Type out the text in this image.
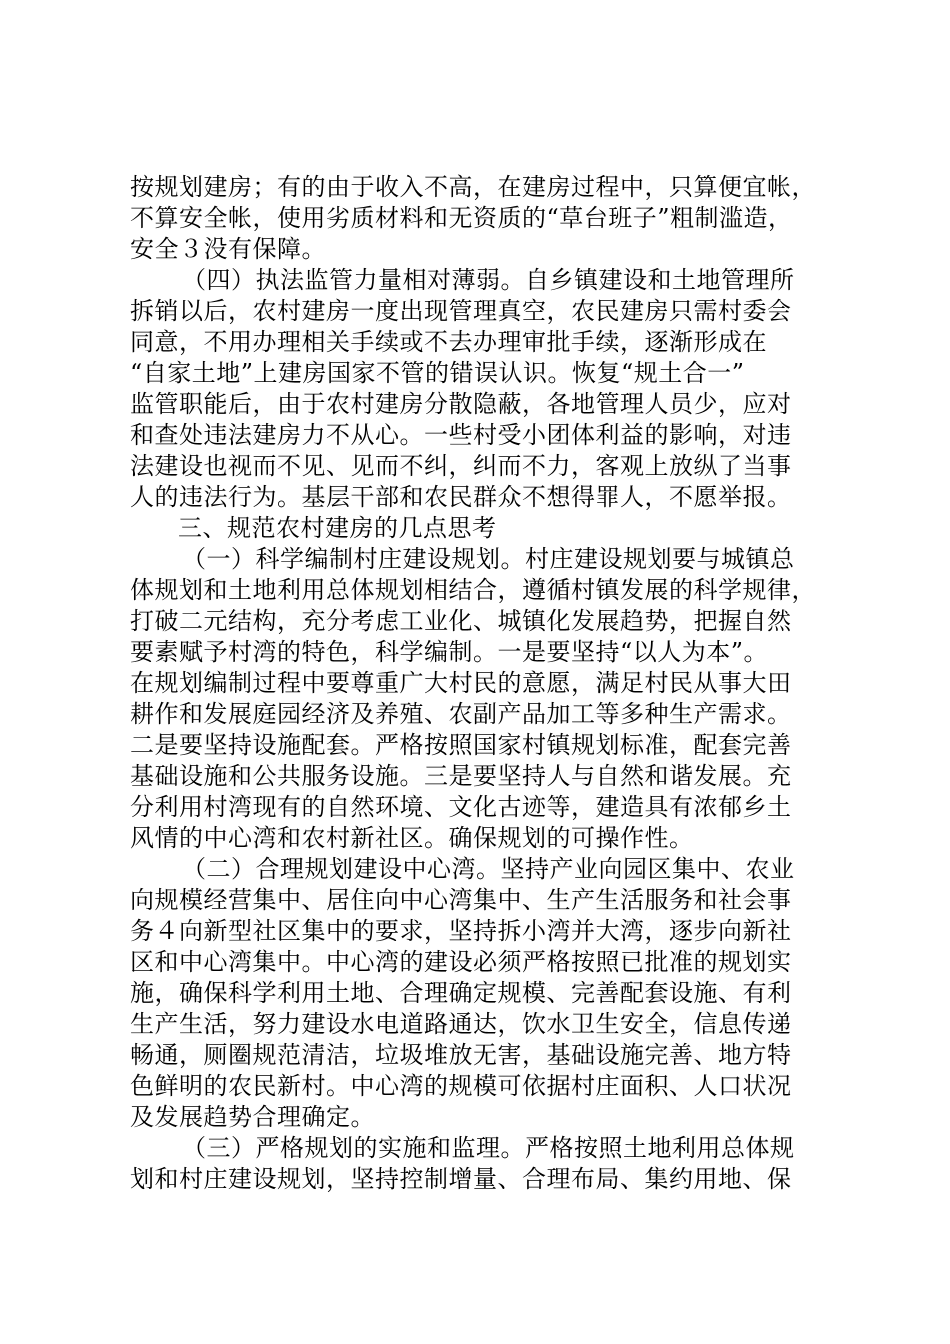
按规划建房；有的由于收入不高，在建房过程中，只算便宜帐，
不算安全帐，使用劣质材料和无资质的“草台班子”粗制滥造，
安全３没有保障。
（四）执法监管力量相对薄弱。自乡镇建设和土地管理所
拆销以后，农村建房一度出现管理真空，农民建房只需村委会
同意，不用办理相关手续或不去办理审批手续，逐渐形成在
“自家土地”上建房国家不管的错误认识。恢复“规土合一”
监管职能后，由于农村建房分散隐蔽，各地管理人员少，应对
和查处违法建房力不从心。一些村受小团体利益的影响，对违
法建设也视而不见、见而不纠，纠而不力，客观上放纵了当事
人的违法行为。基层干部和农民群众不想得罪人，不愿举报。
三、规范农村建房的几点思考
（一）科学编制村庄建设规划。村庄建设规划要与城镇总
体规划和土地利用总体规划相结合，遵循村镇发展的科学规律，
打破二元结构，充分考虑工业化、城镇化发展趋势，把握自然
要素赋予村湾的特色，科学编制。一是要坚持“以人为本”。
在规划编制过程中要尊重广大村民的意愿，满足村民从事大田
耕作和发展庭园经济及养殖、农副产品加工等多种生产需求。
二是要坚持设施配套。严格按照国家村镇规划标准，配套完善
基础设施和公共服务设施。三是要坚持人与自然和谐发展。充
分利用村湾现有的自然环境、文化古迹等，建造具有浓郁乡土
风情的中心湾和农村新社区。确保规划的可操作性。
（二）合理规划建设中心湾。坚持产业向园区集中、农业
向规模经营集中、居住向中心湾集中、生产生活服务和社会事
务４向新型社区集中的要求，坚持拆小湾并大湾，逐步向新社
区和中心湾集中。中心湾的建设必须严格按照已批准的规划实
施，确保科学利用土地、合理确定规模、完善配套设施、有利
生产生活，努力建设水电道路通达，饮水卫生安全，信息传递
畅通，厕圈规范清洁，垃圾堆放无害，基础设施完善、地方特
色鲜明的农民新村。中心湾的规模可依据村庄面积、人口状况
及发展趋势合理确定。
（三）严格规划的实施和监理。严格按照土地利用总体规
划和村庄建设规划，坚持控制增量、合理布局、集约用地、保
